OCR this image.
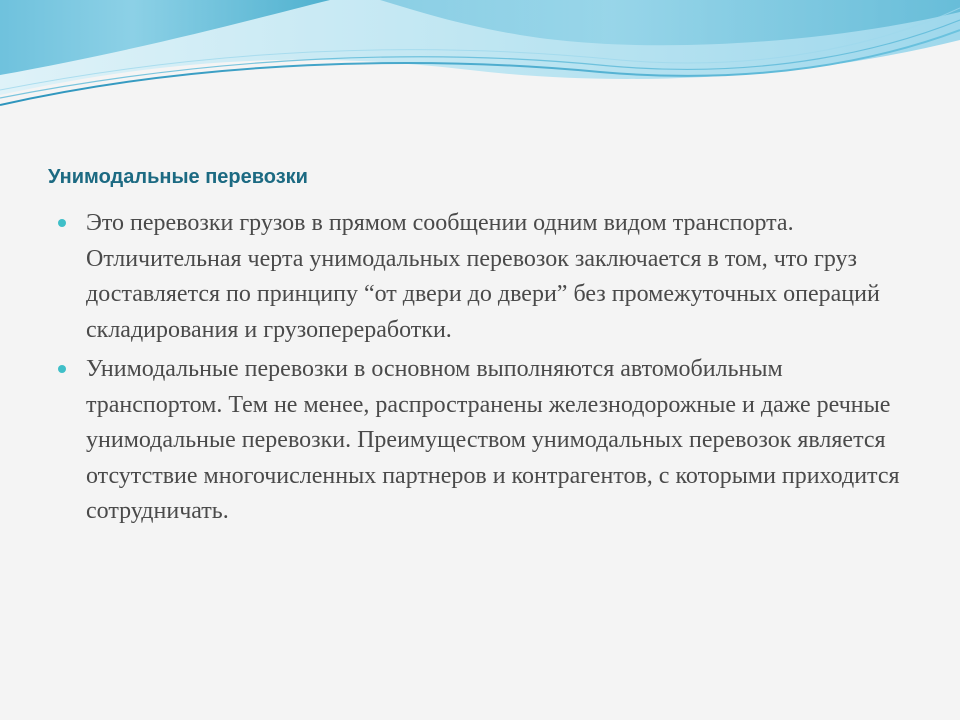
Унимодальные перевозки
Это перевозки грузов в прямом сообщении одним видом транспорта. Отличительная черта унимодальных перевозок заключается в том, что груз доставляется по принципу “от двери до двери” без промежуточных операций складирования и грузопереработки.
Унимодальные перевозки в основном выполняются автомобильным транспортом. Тем не менее, распространены железнодорожные и даже речные унимодальные перевозки. Преимуществом унимодальных перевозок является отсутствие многочисленных партнеров и контрагентов, с которыми приходится сотрудничать.
